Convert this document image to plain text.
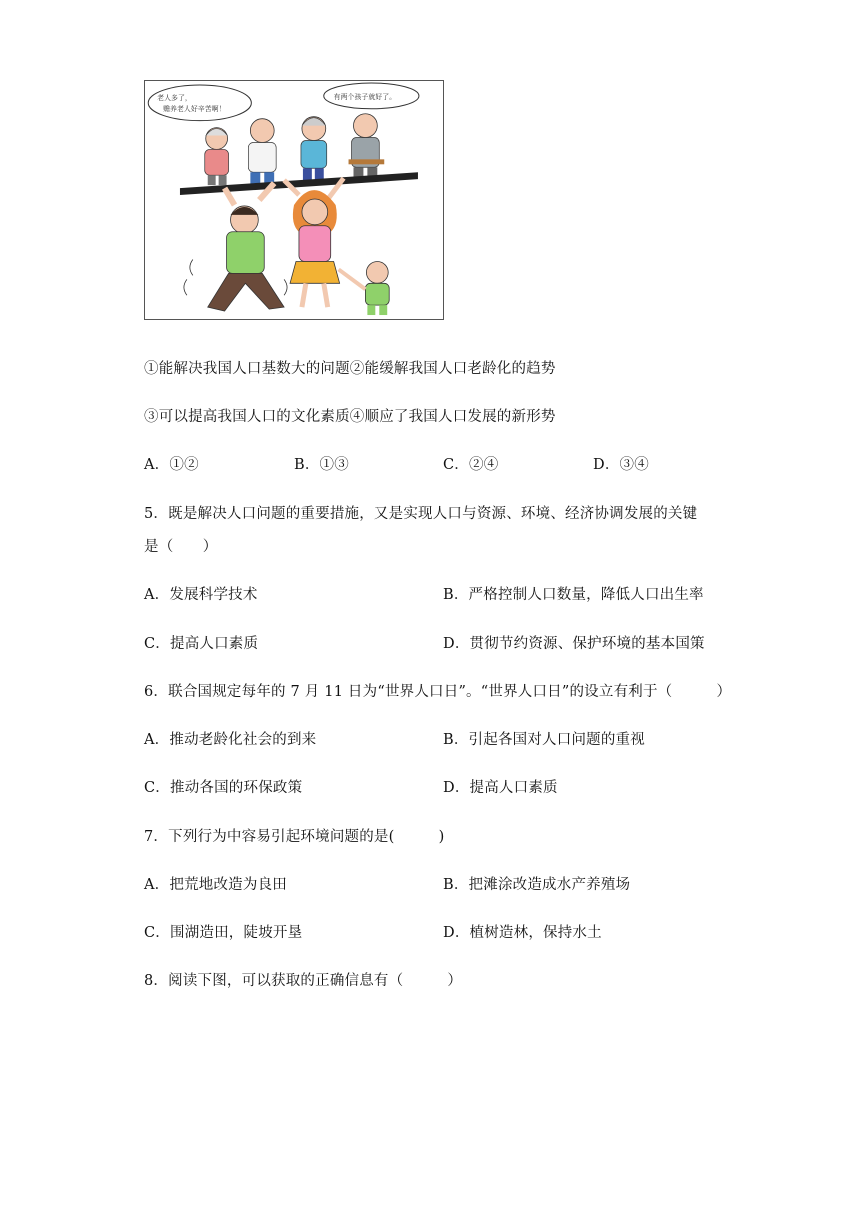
老人多了，
赡养老人好辛苦啊！
有两个孩子就好了。
①能解决我国人口基数大的问题②能缓解我国人口老龄化的趋势
③可以提高我国人口的文化素质④顺应了我国人口发展的新形势
A．①②	B．①③	C．②④	D．③④
5．既是解决人口问题的重要措施，又是实现人口与资源、环境、经济协调发展的关键
是（　　）
A．发展科学技术	B．严格控制人口数量，降低人口出生率
C．提高人口素质	D．贯彻节约资源、保护环境的基本国策
6．联合国规定每年的 7 月 11 日为“世界人口日”。“世界人口日”的设立有利于（　　　）
A．推动老龄化社会的到来	B．引起各国对人口问题的重视
C．推动各国的环保政策	D．提高人口素质
7．下列行为中容易引起环境问题的是(　　　)
A．把荒地改造为良田	B．把滩涂改造成水产养殖场
C．围湖造田，陡坡开垦	D．植树造林，保持水土
8．阅读下图，可以获取的正确信息有（　　　）
